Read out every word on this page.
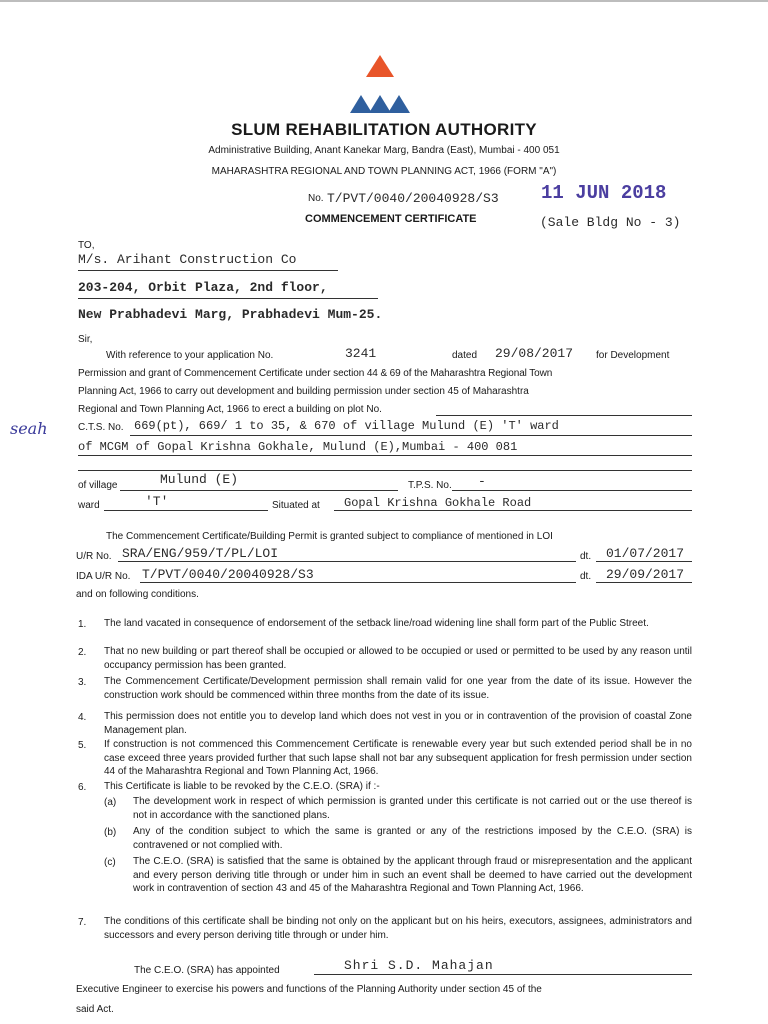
SLUM REHABILITATION AUTHORITY
Administrative Building, Anant Kanekar Marg, Bandra (East), Mumbai - 400 051
MAHARASHTRA REGIONAL AND TOWN PLANNING ACT, 1966 (FORM "A")
No. T/PVT/0040/20040928/S3 11 JUN 2018
COMMENCEMENT CERTIFICATE	(Sale Bldg No - 3)
TO,
M/s. Arihant Construction Co
203-204, Orbit Plaza, 2nd floor,
New Prabhadevi Marg, Prabhadevi Mum-25.
Sir,
With reference to your application No.	3241	dated 29/08/2017 for Development
Permission and grant of Commencement Certificate under section 44 & 69 of the Maharashtra Regional Town
Planning Act, 1966 to carry out development and building permission under section 45 of Maharashtra
Regional and Town Planning Act, 1966 to erect a building on plot No.
seah	C.T.S. No. 669(pt), 669/ 1 to 35, & 670 of village Mulund (E) 'T' ward
of MCGM of Gopal Krishna Gokhale, Mulund (E),Mumbai - 400 081
of village	Mulund (E)	T.P.S. No. -
ward	'T'	Situated at Gopal Krishna Gokhale Road
The Commencement Certificate/Building Permit is granted subject to compliance of mentioned in LOI
U/R No. SRA/ENG/959/T/PL/LOI	dt. 01/07/2017
IDA U/R No. T/PVT/0040/20040928/S3	dt. 29/09/2017
and on following conditions.
1. The land vacated in consequence of endorsement of the setback line/road widening line shall form part of the Public Street.
2. That no new building or part thereof shall be occupied or allowed to be occupied or used or permitted to be used by any reason until occupancy permission has been granted.
3. The Commencement Certificate/Development permission shall remain valid for one year from the date of its issue. However the construction work should be commenced within three months from the date of its issue.
4. This permission does not entitle you to develop land which does not vest in you or in contravention of the provision of coastal Zone Management plan.
5. If construction is not commenced this Commencement Certificate is renewable every year but such extended period shall be in no case exceed three years provided further that such lapse shall not bar any subsequent application for fresh permission under section 44 of the Maharashtra Regional and Town Planning Act, 1966.
6. This Certificate is liable to be revoked by the C.E.O. (SRA) if :-
(a) The development work in respect of which permission is granted under this certificate is not carried out or the use thereof is not in accordance with the sanctioned plans.
(b) Any of the condition subject to which the same is granted or any of the restrictions imposed by the C.E.O. (SRA) is contravened or not complied with.
(c) The C.E.O. (SRA) is satisfied that the same is obtained by the applicant through fraud or misrepresentation and the applicant and every person deriving title through or under him in such an event shall be deemed to have carried out the development work in contravention of section 43 and 45 of the Maharashtra Regional and Town Planning Act, 1966.
7. The conditions of this certificate shall be binding not only on the applicant but on his heirs, executors, assignees, administrators and successors and every person deriving title through or under him.
The C.E.O. (SRA) has appointed	Shri S.D. Mahajan
Executive Engineer to exercise his powers and functions of the Planning Authority under section 45 of the
said Act.
